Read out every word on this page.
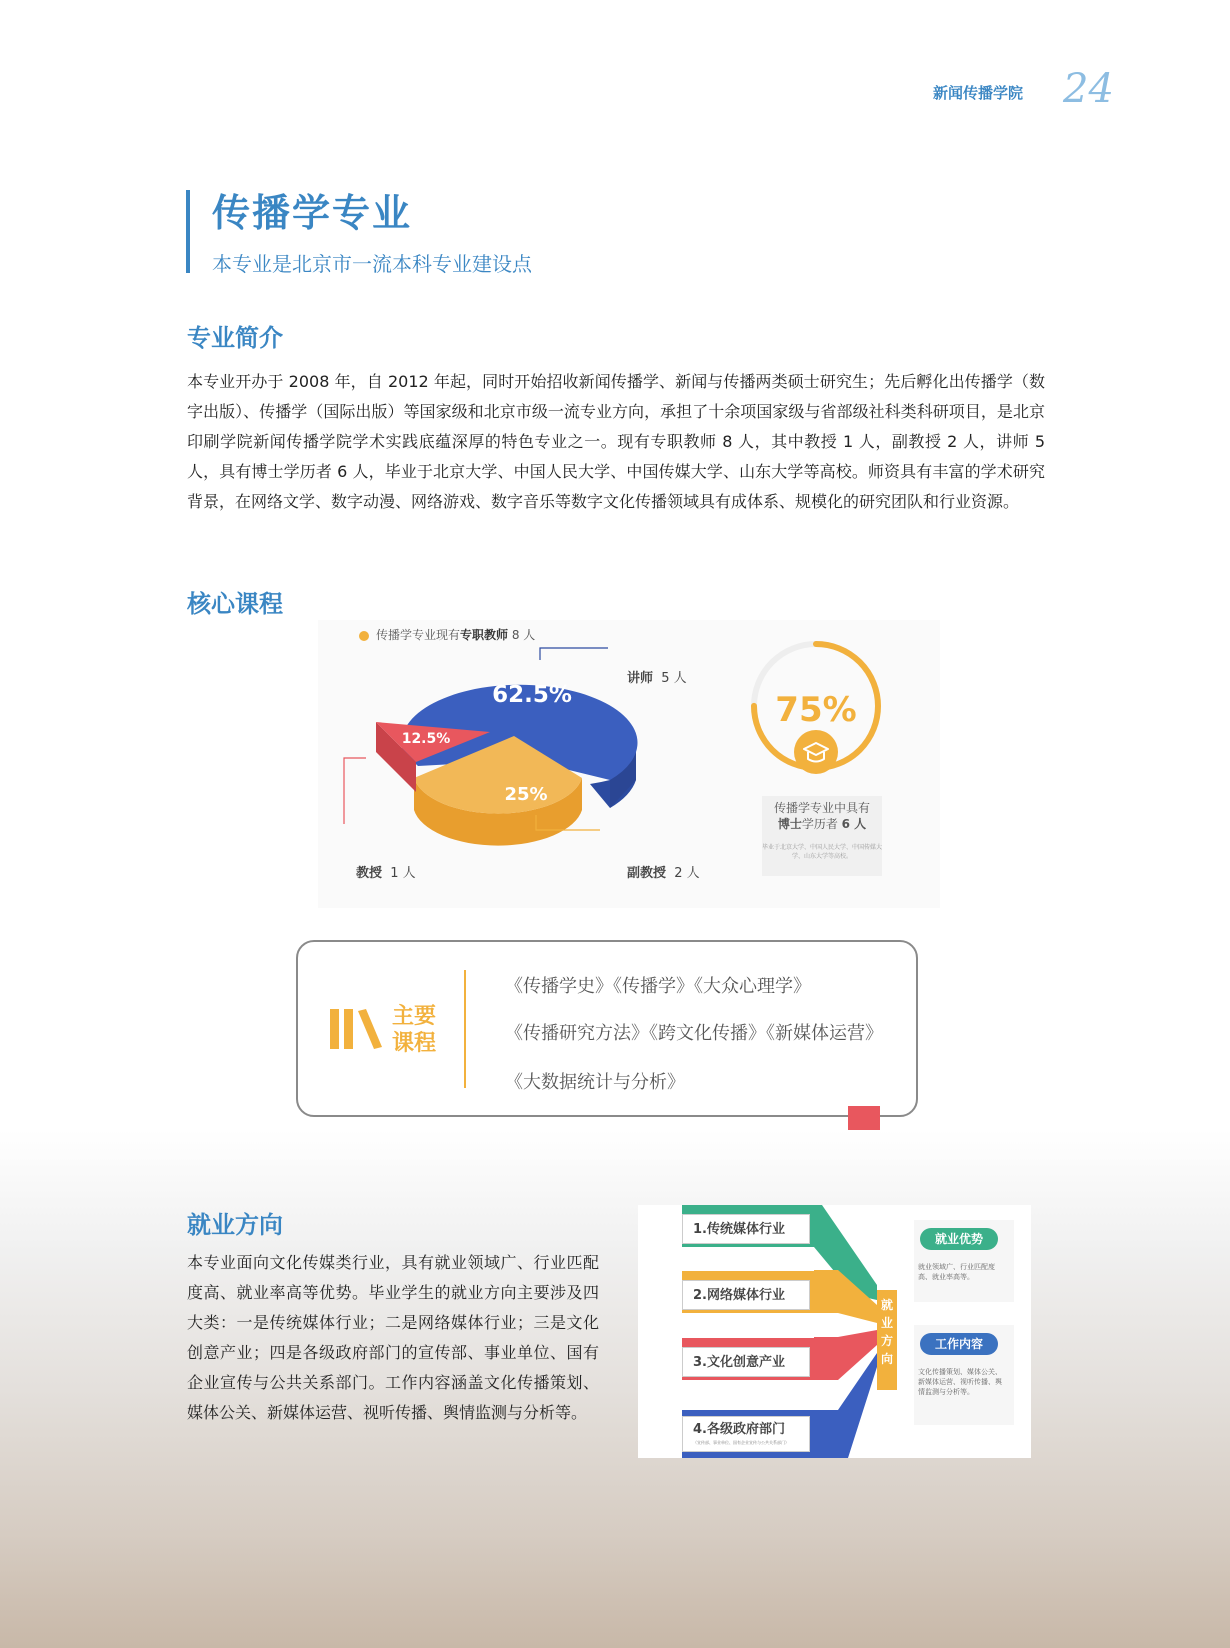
新闻传播学院 24
传播学专业
本专业是北京市一流本科专业建设点
专业简介
本专业开办于 2008 年，自 2012 年起，同时开始招收新闻传播学、新闻与传播两类硕士研究生；先后孵化出传播学（数字出版）、传播学（国际出版）等国家级和北京市级一流专业方向，承担了十余项国家级与省部级社科类科研项目，是北京印刷学院新闻传播学院学术实践底蕴深厚的特色专业之一。现有专职教师 8 人，其中教授 1 人，副教授 2 人，讲师 5 人，具有博士学历者 6 人，毕业于北京大学、中国人民大学、中国传媒大学、山东大学等高校。师资具有丰富的学术研究背景，在网络文学、数字动漫、网络游戏、数字音乐等数字文化传播领域具有成体系、规模化的研究团队和行业资源。
核心课程
传播学专业现有专职教师 8 人
62.5%
12.5%
25%
75%
讲师 5 人
教授 1 人	副教授 2 人
传播学专业中具有
博士学历者 6 人
毕业于北京大学、中国人民大学、中国传媒大学、山东大学等高校。
主要
课程
《传播学史》《传播学》《大众心理学》
《传播研究方法》《跨文化传播》《新媒体运营》
《大数据统计与分析》
就业方向
本专业面向文化传媒类行业，具有就业领域广、行业匹配度高、就业率高等优势。毕业学生的就业方向主要涉及四大类：一是传统媒体行业；二是网络媒体行业；三是文化创意产业；四是各级政府部门的宣传部、事业单位、国有企业宣传与公共关系部门。工作内容涵盖文化传播策划、媒体公关、新媒体运营、视听传播、舆情监测与分析等。
1.传统媒体行业
2.网络媒体行业
3.文化创意产业
4.各级政府部门
（宣传部、事业单位、国有企业宣传与公共关系部门）
就业方向
就业优势
就业领域广、行业匹配度高、就业率高等。
工作内容
文化传播策划、媒体公关、新媒体运营、视听传播、舆情监测与分析等。
